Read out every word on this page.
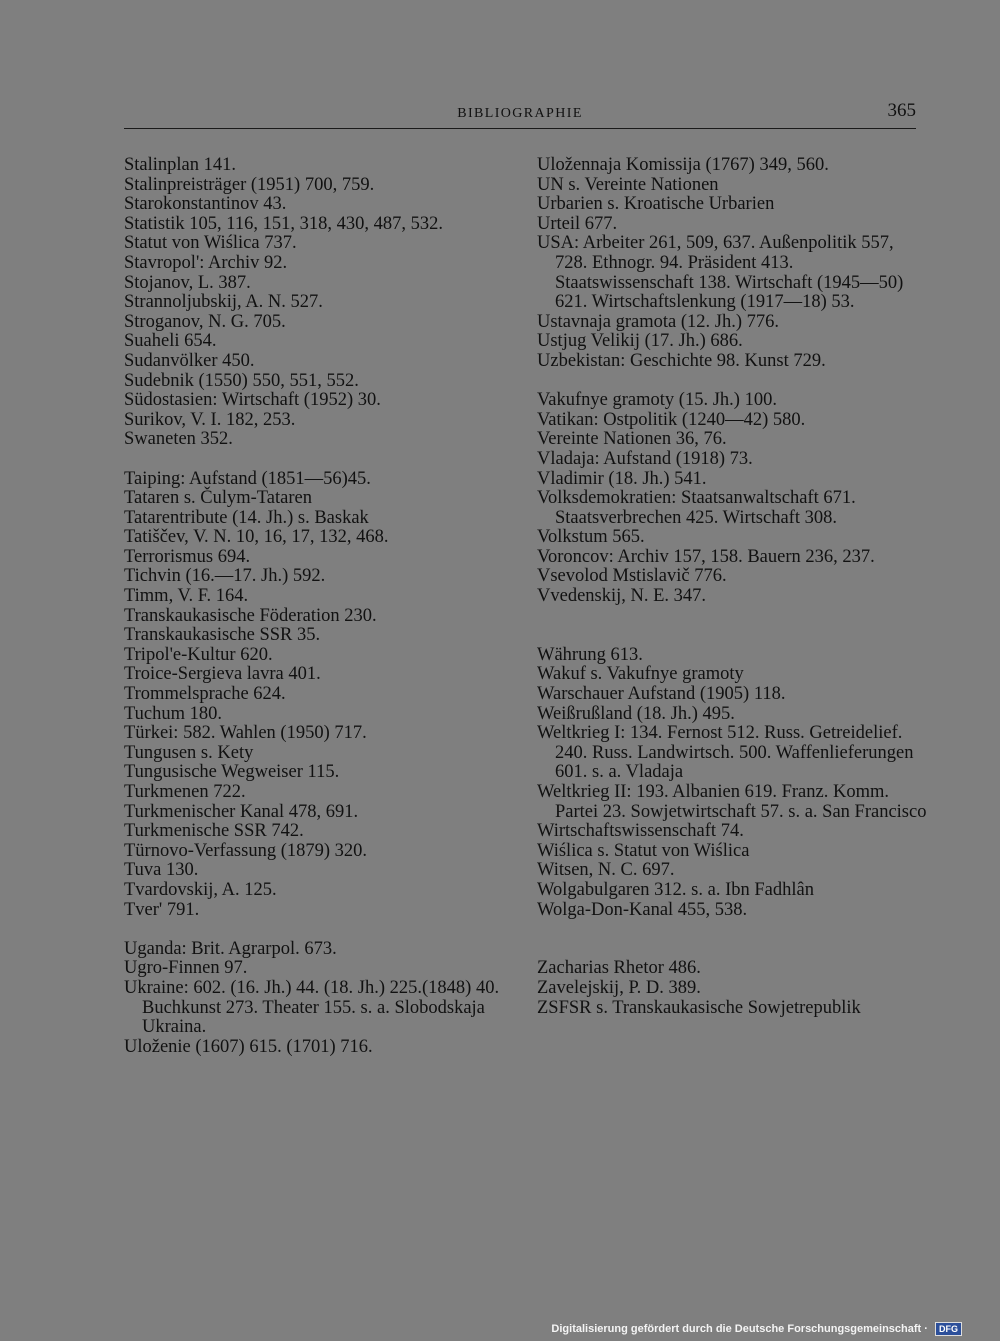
BIBLIOGRAPHIE	365
Stalinplan 141.
Stalinpreisträger (1951) 700, 759.
Starokonstantinov 43.
Statistik 105, 116, 151, 318, 430, 487, 532.
Statut von Wiślica 737.
Stavropol': Archiv 92.
Stojanov, L. 387.
Strannoljubskij, A. N. 527.
Stroganov, N. G. 705.
Suaheli 654.
Sudanvölker 450.
Sudebnik (1550) 550, 551, 552.
Südostasien: Wirtschaft (1952) 30.
Surikov, V. I. 182, 253.
Swaneten 352.
Taiping: Aufstand (1851—56)45.
Tataren s. Čulym-Tataren
Tatarentribute (14. Jh.) s. Baskak
Tatiščev, V. N. 10, 16, 17, 132, 468.
Terrorismus 694.
Tichvin (16.—17. Jh.) 592.
Timm, V. F. 164.
Transkaukasische Föderation 230.
Transkaukasische SSR 35.
Tripol'e-Kultur 620.
Troice-Sergieva lavra 401.
Trommelsprache 624.
Tuchum 180.
Türkei: 582. Wahlen (1950) 717.
Tungusen s. Kety
Tungusische Wegweiser 115.
Turkmenen 722.
Turkmenischer Kanal 478, 691.
Turkmenische SSR 742.
Türnovo-Verfassung (1879) 320.
Tuva 130.
Tvardovskij, A. 125.
Tver' 791.
Uganda: Brit. Agrarpol. 673.
Ugro-Finnen 97.
Ukraine: 602. (16. Jh.) 44. (18. Jh.) 225.(1848) 40. Buchkunst 273. Theater 155. s. a. Slobodskaja Ukraina.
Uloženie (1607) 615. (1701) 716.
Uložennaja Komissija (1767) 349, 560.
UN s. Vereinte Nationen
Urbarien s. Kroatische Urbarien
Urteil 677.
USA: Arbeiter 261, 509, 637. Außenpolitik 557, 728. Ethnogr. 94. Präsident 413. Staatswissenschaft 138. Wirtschaft (1945—50) 621. Wirtschaftslenkung (1917—18) 53.
Ustavnaja gramota (12. Jh.) 776.
Ustjug Velikij (17. Jh.) 686.
Uzbekistan: Geschichte 98. Kunst 729.
Vakufnye gramoty (15. Jh.) 100.
Vatikan: Ostpolitik (1240—42) 580.
Vereinte Nationen 36, 76.
Vladaja: Aufstand (1918) 73.
Vladimir (18. Jh.) 541.
Volksdemokratien: Staatsanwaltschaft 671. Staatsverbrechen 425. Wirtschaft 308.
Volkstum 565.
Voroncov: Archiv 157, 158. Bauern 236, 237.
Vsevolod Mstislavič 776.
Vvedenskij, N. E. 347.
Währung 613.
Wakuf s. Vakufnye gramoty
Warschauer Aufstand (1905) 118.
Weißrußland (18. Jh.) 495.
Weltkrieg I: 134. Fernost 512. Russ. Getreidelief. 240. Russ. Landwirtsch. 500. Waffenlieferungen 601. s. a. Vladaja
Weltkrieg II: 193. Albanien 619. Franz. Komm. Partei 23. Sowjetwirtschaft 57. s. a. San Francisco
Wirtschaftswissenschaft 74.
Wiślica s. Statut von Wiślica
Witsen, N. C. 697.
Wolgabulgaren 312. s. a. Ibn Fadhlân
Wolga-Don-Kanal 455, 538.
Zacharias Rhetor 486.
Zavelejskij, P. D. 389.
ZSFSR s. Transkaukasische Sowjetrepublik
Digitalisierung gefördert durch die Deutsche Forschungsgemeinschaft · DFG
